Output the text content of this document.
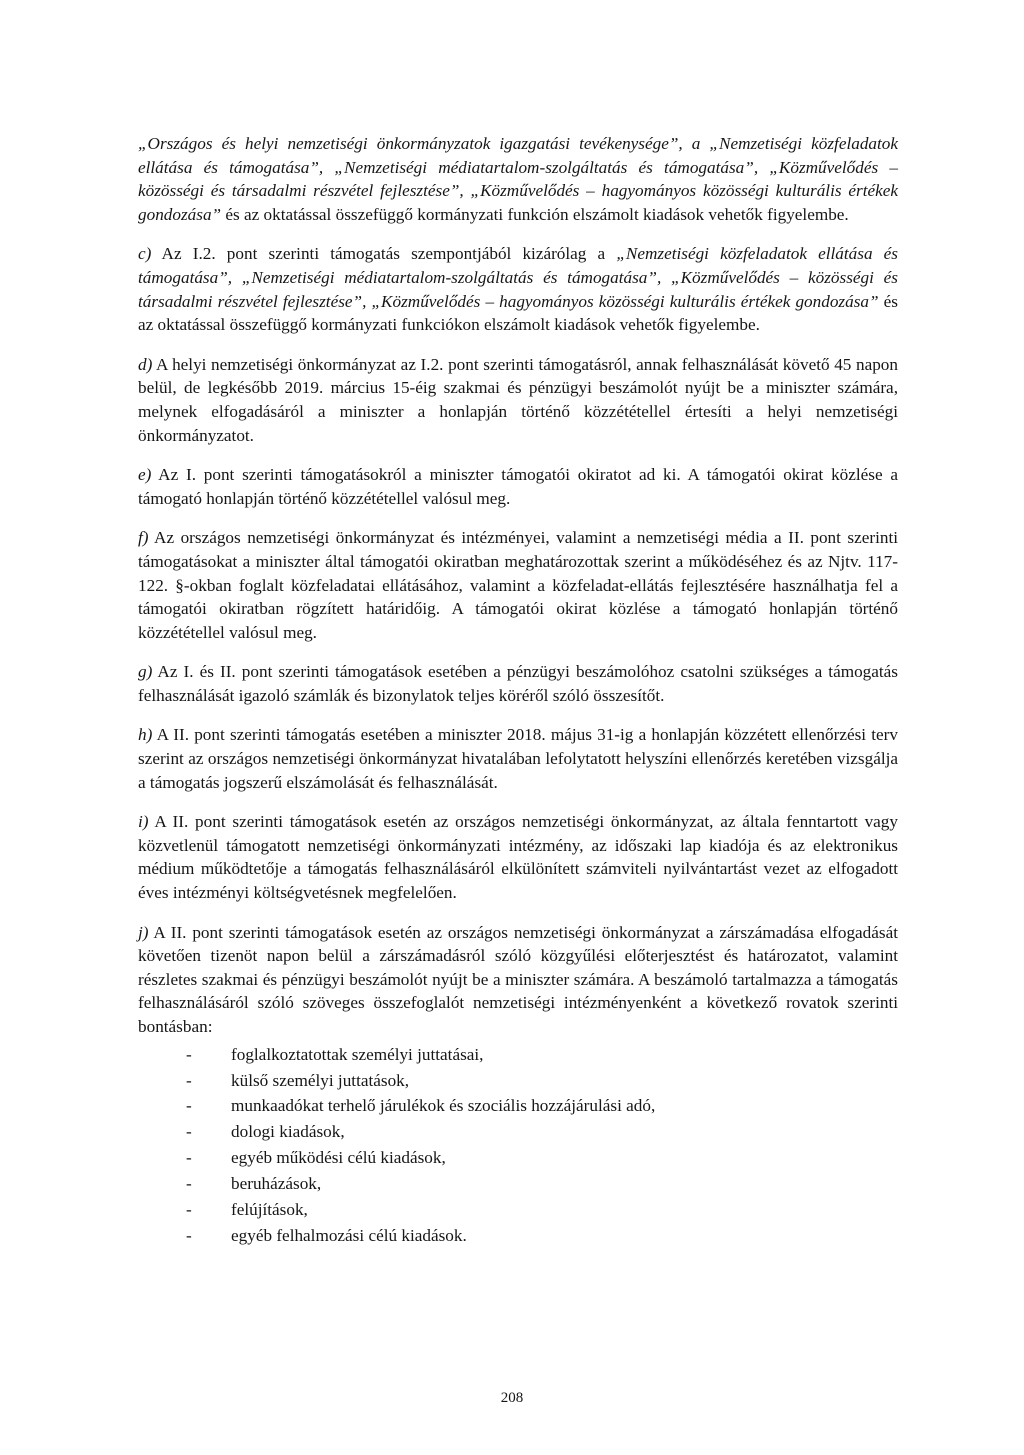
„Országos és helyi nemzetiségi önkormányzatok igazgatási tevékenysége”, a „Nemzetiségi közfeladatok ellátása és támogatása”, „Nemzetiségi médiatartalom-szolgáltatás és támogatása”, „Közművelődés – közösségi és társadalmi részvétel fejlesztése”, „Közművelődés – hagyományos közösségi kulturális értékek gondozása” és az oktatással összefüggő kormányzati funkción elszámolt kiadások vehetők figyelembe.

c) Az I.2. pont szerinti támogatás szempontjából kizárólag a „Nemzetiségi közfeladatok ellátása és támogatása”, „Nemzetiségi médiatartalom-szolgáltatás és támogatása”, „Közművelődés – közösségi és társadalmi részvétel fejlesztése”, „Közművelődés – hagyományos közösségi kulturális értékek gondozása” és az oktatással összefüggő kormányzati funkciókon elszámolt kiadások vehetők figyelembe.

d) A helyi nemzetiségi önkormányzat az I.2. pont szerinti támogatásról, annak felhasználását követő 45 napon belül, de legkésőbb 2019. március 15-éig szakmai és pénzügyi beszámolót nyújt be a miniszter számára, melynek elfogadásáról a miniszter a honlapján történő közzététellel értesíti a helyi nemzetiségi önkormányzatot.

e) Az I. pont szerinti támogatásokról a miniszter támogatói okiratot ad ki. A támogatói okirat közlése a támogató honlapján történő közzététellel valósul meg.

f) Az országos nemzetiségi önkormányzat és intézményei, valamint a nemzetiségi média a II. pont szerinti támogatásokat a miniszter által támogatói okiratban meghatározottak szerint a működéséhez és az Njtv. 117-122. §-okban foglalt közfeladatai ellátásához, valamint a közfeladat-ellátás fejlesztésére használhatja fel a támogatói okiratban rögzített határidőig. A támogatói okirat közlése a támogató honlapján történő közzététellel valósul meg.

g) Az I. és II. pont szerinti támogatások esetében a pénzügyi beszámolóhoz csatolni szükséges a támogatás felhasználását igazoló számlák és bizonylatok teljes köréről szóló összesítőt.

h) A II. pont szerinti támogatás esetében a miniszter 2018. május 31-ig a honlapján közzétett ellenőrzési terv szerint az országos nemzetiségi önkormányzat hivatalában lefolytatott helyszíni ellenőrzés keretében vizsgálja a támogatás jogszerű elszámolását és felhasználását.

i) A II. pont szerinti támogatások esetén az országos nemzetiségi önkormányzat, az általa fenntartott vagy közvetlenül támogatott nemzetiségi önkormányzati intézmény, az időszaki lap kiadója és az elektronikus médium működtetője a támogatás felhasználásáról elkülönített számviteli nyilvántartást vezet az elfogadott éves intézményi költségvetésnek megfelelően.

j) A II. pont szerinti támogatások esetén az országos nemzetiségi önkormányzat a zárszámadása elfogadását követően tizenöt napon belül a zárszámadásról szóló közgyűlési előterjesztést és határozatot, valamint részletes szakmai és pénzügyi beszámolót nyújt be a miniszter számára. A beszámoló tartalmazza a támogatás felhasználásáról szóló szöveges összefoglalót nemzetiségi intézményenként a következő rovatok szerinti bontásban:

- foglalkoztatottak személyi juttatásai,
- külső személyi juttatások,
- munkaadókat terhelő járulékok és szociális hozzájárulási adó,
- dologi kiadások,
- egyéb működési célú kiadások,
- beruházások,
- felújítások,
- egyéb felhalmozási célú kiadások.
208
